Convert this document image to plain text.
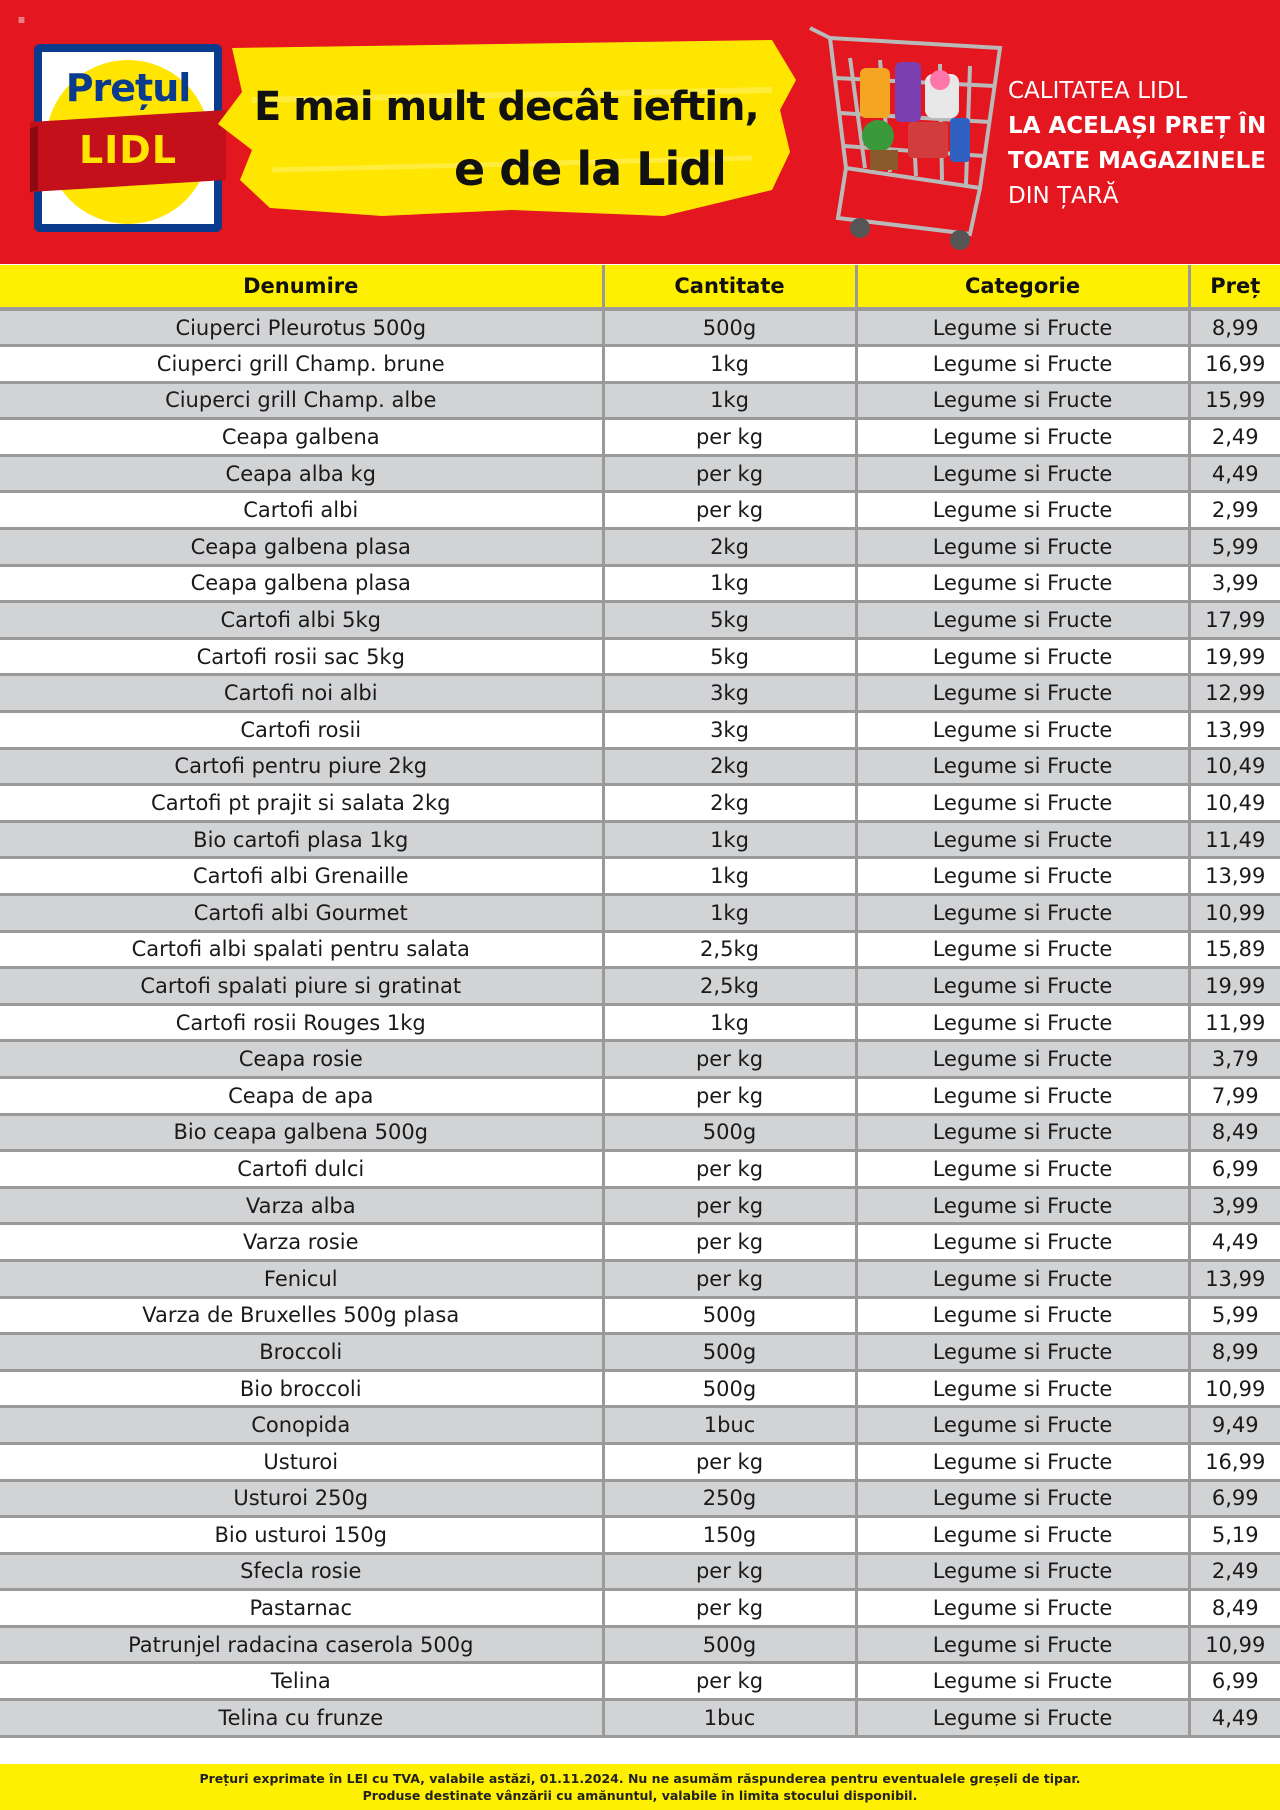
≡
Prețul
LIDL
E mai mult decât ieftin,
e de la Lidl
CALITATEA LIDL
LA ACELAȘI PREȚ ÎN
TOATE MAGAZINELE
DIN ȚARĂ
Denumire	Cantitate	Categorie	Preț
Ciuperci Pleurotus 500g	500g	Legume si Fructe	8,99
Ciuperci grill Champ. brune	1kg	Legume si Fructe	16,99
Ciuperci grill Champ. albe	1kg	Legume si Fructe	15,99
Ceapa galbena	per kg	Legume si Fructe	2,49
Ceapa alba kg	per kg	Legume si Fructe	4,49
Cartofi albi	per kg	Legume si Fructe	2,99
Ceapa galbena plasa	2kg	Legume si Fructe	5,99
Ceapa galbena plasa	1kg	Legume si Fructe	3,99
Cartofi albi 5kg	5kg	Legume si Fructe	17,99
Cartofi rosii sac 5kg	5kg	Legume si Fructe	19,99
Cartofi noi albi	3kg	Legume si Fructe	12,99
Cartofi rosii	3kg	Legume si Fructe	13,99
Cartofi pentru piure 2kg	2kg	Legume si Fructe	10,49
Cartofi pt prajit si salata 2kg	2kg	Legume si Fructe	10,49
Bio cartofi plasa 1kg	1kg	Legume si Fructe	11,49
Cartofi albi Grenaille	1kg	Legume si Fructe	13,99
Cartofi albi Gourmet	1kg	Legume si Fructe	10,99
Cartofi albi spalati pentru salata	2,5kg	Legume si Fructe	15,89
Cartofi spalati piure si gratinat	2,5kg	Legume si Fructe	19,99
Cartofi rosii Rouges 1kg	1kg	Legume si Fructe	11,99
Ceapa rosie	per kg	Legume si Fructe	3,79
Ceapa de apa	per kg	Legume si Fructe	7,99
Bio ceapa galbena 500g	500g	Legume si Fructe	8,49
Cartofi dulci	per kg	Legume si Fructe	6,99
Varza alba	per kg	Legume si Fructe	3,99
Varza rosie	per kg	Legume si Fructe	4,49
Fenicul	per kg	Legume si Fructe	13,99
Varza de Bruxelles 500g plasa	500g	Legume si Fructe	5,99
Broccoli	500g	Legume si Fructe	8,99
Bio broccoli	500g	Legume si Fructe	10,99
Conopida	1buc	Legume si Fructe	9,49
Usturoi	per kg	Legume si Fructe	16,99
Usturoi 250g	250g	Legume si Fructe	6,99
Bio usturoi 150g	150g	Legume si Fructe	5,19
Sfecla rosie	per kg	Legume si Fructe	2,49
Pastarnac	per kg	Legume si Fructe	8,49
Patrunjel radacina caserola 500g	500g	Legume si Fructe	10,99
Telina	per kg	Legume si Fructe	6,99
Telina cu frunze	1buc	Legume si Fructe	4,49

Prețuri exprimate în LEI cu TVA, valabile astăzi, 01.11.2024. Nu ne asumăm răspunderea pentru eventualele greșeli de tipar.

Produse destinate vânzării cu amănuntul, valabile în limita stocului disponibil.
